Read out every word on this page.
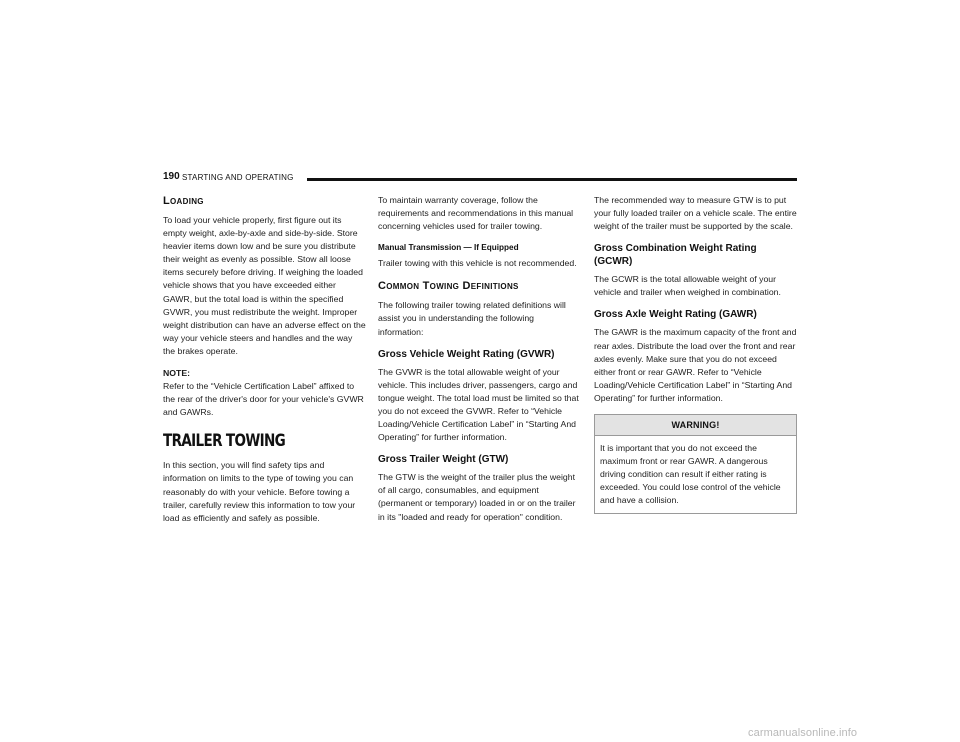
190 STARTING AND OPERATING
Loading

To load your vehicle properly, first figure out its empty weight, axle-by-axle and side-by-side. Store heavier items down low and be sure you distribute their weight as evenly as possible. Stow all loose items securely before driving. If weighing the loaded vehicle shows that you have exceeded either GAWR, but the total load is within the specified GVWR, you must redistribute the weight. Improper weight distribution can have an adverse effect on the way your vehicle steers and handles and the way the brakes operate.

NOTE:

Refer to the “Vehicle Certification Label” affixed to the rear of the driver's door for your vehicle's GVWR and GAWRs.

TRAILER TOWING

In this section, you will find safety tips and information on limits to the type of towing you can reasonably do with your vehicle. Before towing a trailer, carefully review this information to tow your load as efficiently and safely as possible.

To maintain warranty coverage, follow the requirements and recommendations in this manual concerning vehicles used for trailer towing.

Manual Transmission — If Equipped

Trailer towing with this vehicle is not recommended.

Common Towing Definitions

The following trailer towing related definitions will assist you in understanding the following information:

Gross Vehicle Weight Rating (GVWR)

The GVWR is the total allowable weight of your vehicle. This includes driver, passengers, cargo and tongue weight. The total load must be limited so that you do not exceed the GVWR. Refer to “Vehicle Loading/Vehicle Certification Label” in “Starting And Operating” for further information.

Gross Trailer Weight (GTW)

The GTW is the weight of the trailer plus the weight of all cargo, consumables, and equipment (permanent or temporary) loaded in or on the trailer in its "loaded and ready for operation" condition.

The recommended way to measure GTW is to put your fully loaded trailer on a vehicle scale. The entire weight of the trailer must be supported by the scale.

Gross Combination Weight Rating (GCWR)

The GCWR is the total allowable weight of your vehicle and trailer when weighed in combination.

Gross Axle Weight Rating (GAWR)

The GAWR is the maximum capacity of the front and rear axles. Distribute the load over the front and rear axles evenly. Make sure that you do not exceed either front or rear GAWR. Refer to “Vehicle Loading/Vehicle Certification Label” in “Starting And Operating” for further information.

WARNING!

It is important that you do not exceed the maximum front or rear GAWR. A dangerous driving condition can result if either rating is exceeded. You could lose control of the vehicle and have a collision.

carmanualsonline.info
